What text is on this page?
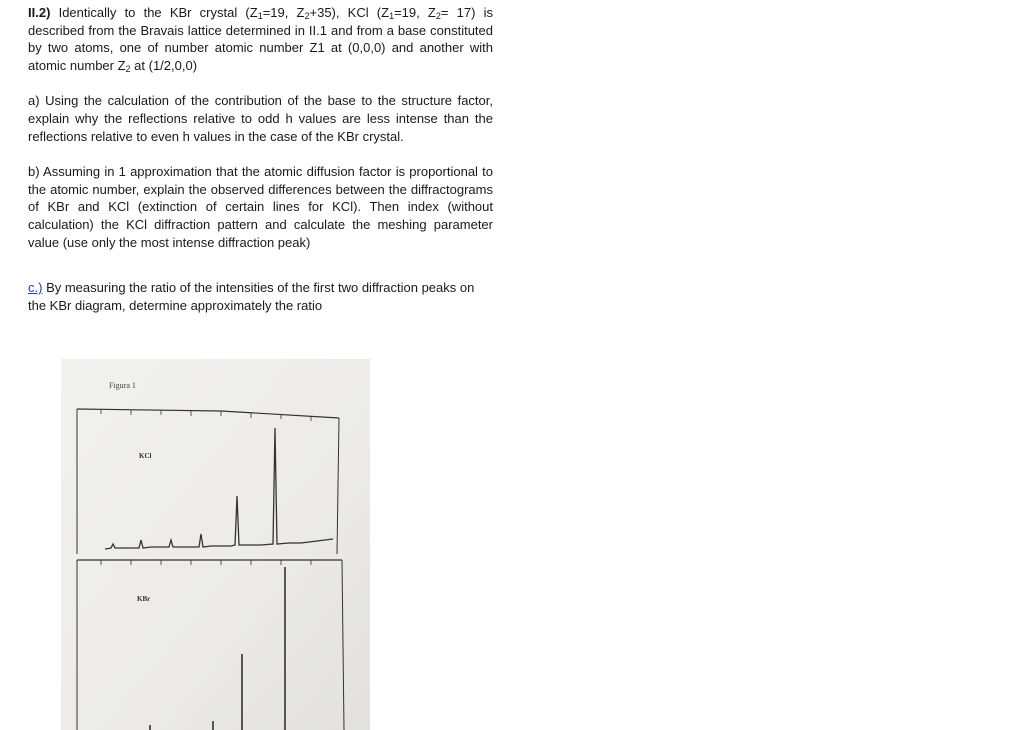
II.2) Identically to the KBr crystal ($Z_1=19$, $Z_2+35$), KCl ($Z_1=19$, $Z_2= 17$) is described from the Bravais lattice determined in II.1 and from a base constituted by two atoms, one of number atomic number Z1 at (0,0,0) and another with atomic number $Z_2$ at (1/2,0,0)

a) Using the calculation of the contribution of the base to the structure factor, explain why the reflections relative to odd h values are less intense than the reflections relative to even h values in the case of the KBr crystal.

b) Assuming in 1 approximation that the atomic diffusion factor is proportional to the atomic number, explain the observed differences between the diffractograms of KBr and KCl (extinction of certain lines for KCl). Then index (without calculation) the KCl diffraction pattern and calculate the meshing parameter value (use only the most intense diffraction peak)

c.) By measuring the ratio of the intensities of the first two diffraction peaks on the KBr diagram, determine approximately the ratio

Figura 1
KCl
KBr
